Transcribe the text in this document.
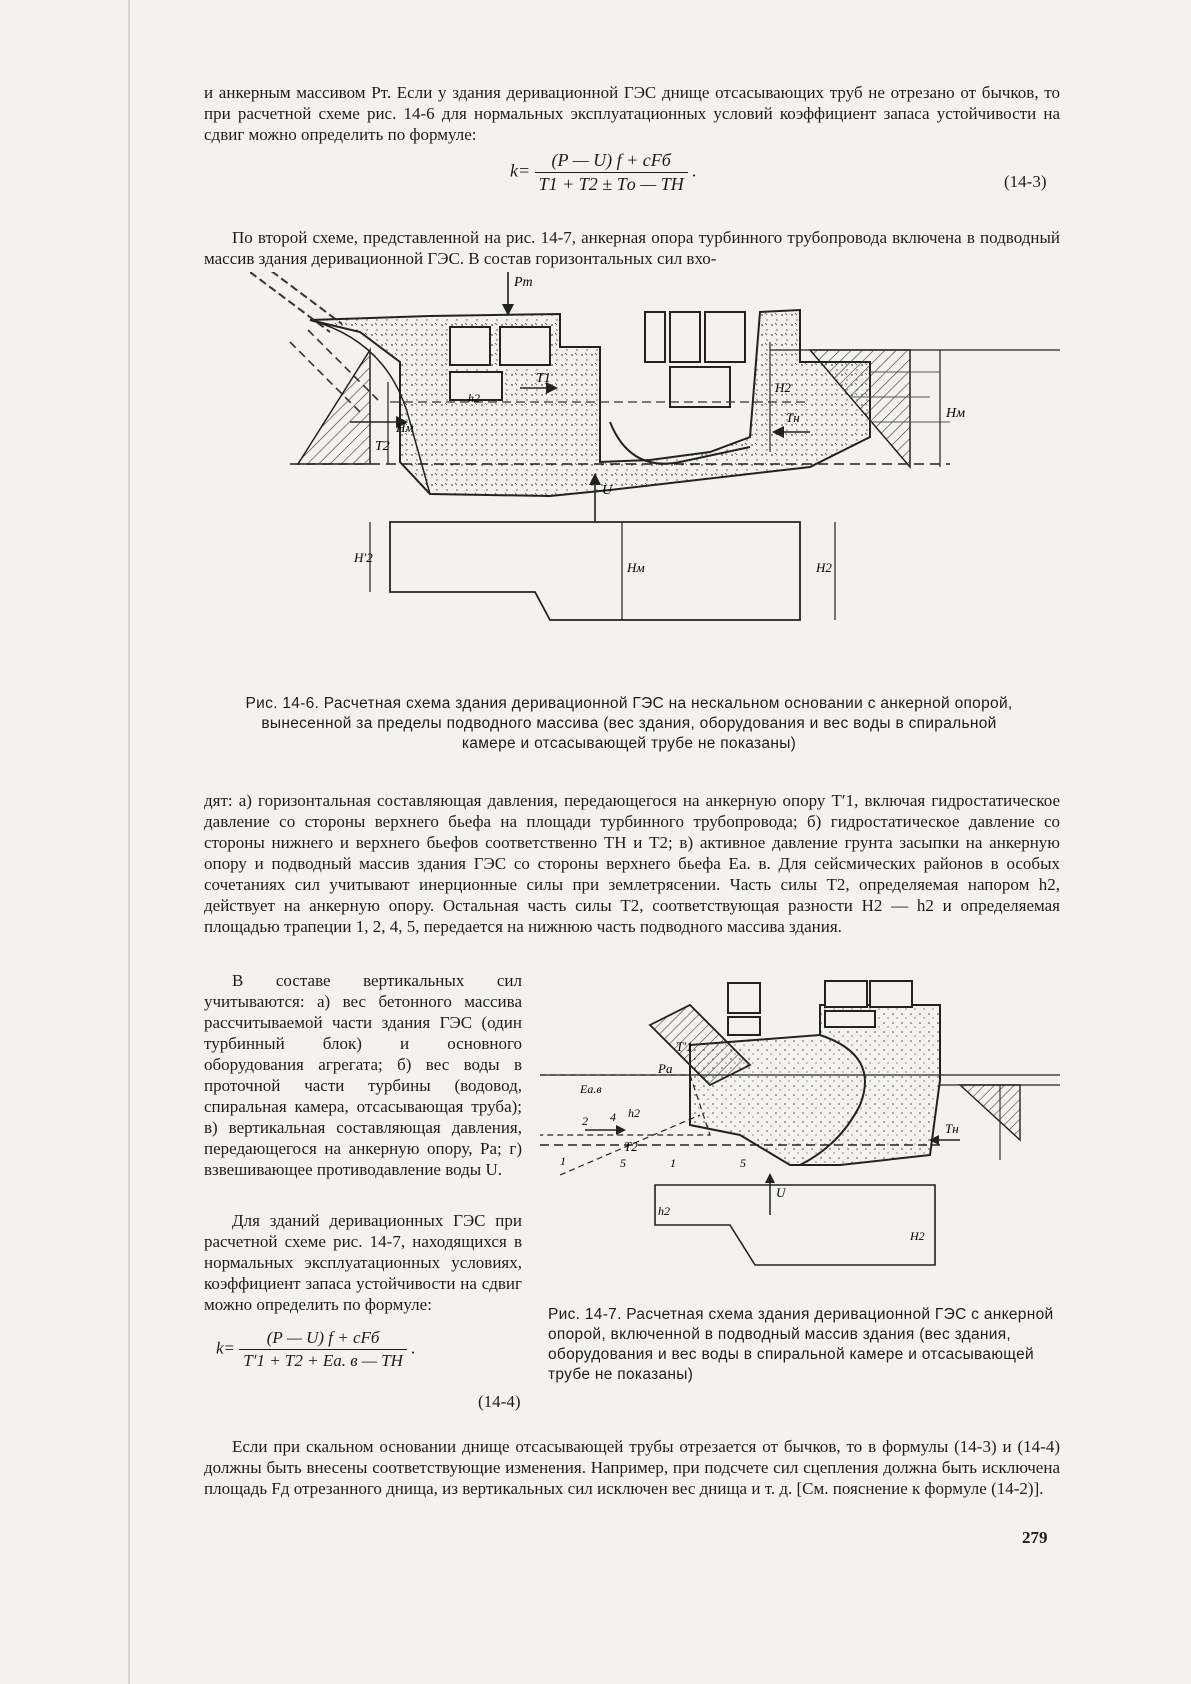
и анкерным массивом Pт. Если у здания деривационной ГЭС днище отсасывающих труб не отрезано от бычков, то при расчетной схеме рис. 14-6 для нормальных эксплуатационных условий коэффициент запаса устойчивости на сдвиг можно определить по формуле:

$k= \frac{\text{(P — U) f + cFб}}{T1 + T2 \pm Tо — TН}$ .
(14-3)

По второй схеме, представленной на рис. 14-7, анкерная опора турбинного трубопровода включена в подводный массив здания деривационной ГЭС. В состав горизонтальных сил вхо-

Pт
T1
T2
Hм
H2
h2
Tн	Hм
U
H′2
Hм	H2

Рис. 14-6. Расчетная схема здания деривационной ГЭС на нескальном основании с анкерной опорой, вынесенной за пределы подводного массива (вес здания, оборудования и вес воды в спиральной камере и отсасывающей трубе не показаны)

дят: а) горизонтальная составляющая давления, передающегося на анкерную опору T′1, включая гидростатическое давление со стороны верхнего бьефа на площади турбинного трубопровода; б) гидростатическое давление со стороны нижнего и верхнего бьефов соответственно TН и T2; в) активное давление грунта засыпки на анкерную опору и подводный массив здания ГЭС со стороны верхнего бьефа Eа. в. Для сейсмических районов в особых сочетаниях сил учитывают инерционные силы при землетрясении. Часть силы T2, определяемая напором h2, действует на анкерную опору. Остальная часть силы T2, соответствующая разности H2 — h2 и определяемая площадью трапеции 1, 2, 4, 5, передается на нижнюю часть подводного массива здания.

В составе вертикальных сил учитываются: а) вес бетонного массива рассчитываемой части здания ГЭС (один турбинный блок) и основного оборудования агрегата; б) вес воды в проточной части турбины (водовод, спиральная камера, отсасывающая труба); в) вертикальная составляющая давления, передающегося на анкерную опору, Pа; г) взвешивающее противодавление воды U.

Для зданий деривационных ГЭС при расчетной схеме рис. 14-7, находящихся в нормальных эксплуатационных условиях, коэффициент запаса устойчивости на сдвиг можно определить по формуле:

$k= \frac{\text{(P — U) f + cFб}}{T'1 + T2 + Eа. в — TН}$ .
(14-4)
Eа.в
Pа
T′1
h2
T2
Tн
1
2 4
5	1	5
U
h2
H2

Рис. 14-7. Расчетная схема здания деривационной ГЭС с анкерной опорой, включенной в подводный массив здания (вес здания, оборудования и вес воды в спиральной камере и отсасывающей трубе не показаны)

Если при скальном основании днище отсасывающей трубы отрезается от бычков, то в формулы (14-3) и (14-4) должны быть внесены соответствующие изменения. Например, при подсчете сил сцепления должна быть исключена площадь Fд отрезанного днища, из вертикальных сил исключен вес днища и т. д. [См. пояснение к формуле (14-2)].

279
